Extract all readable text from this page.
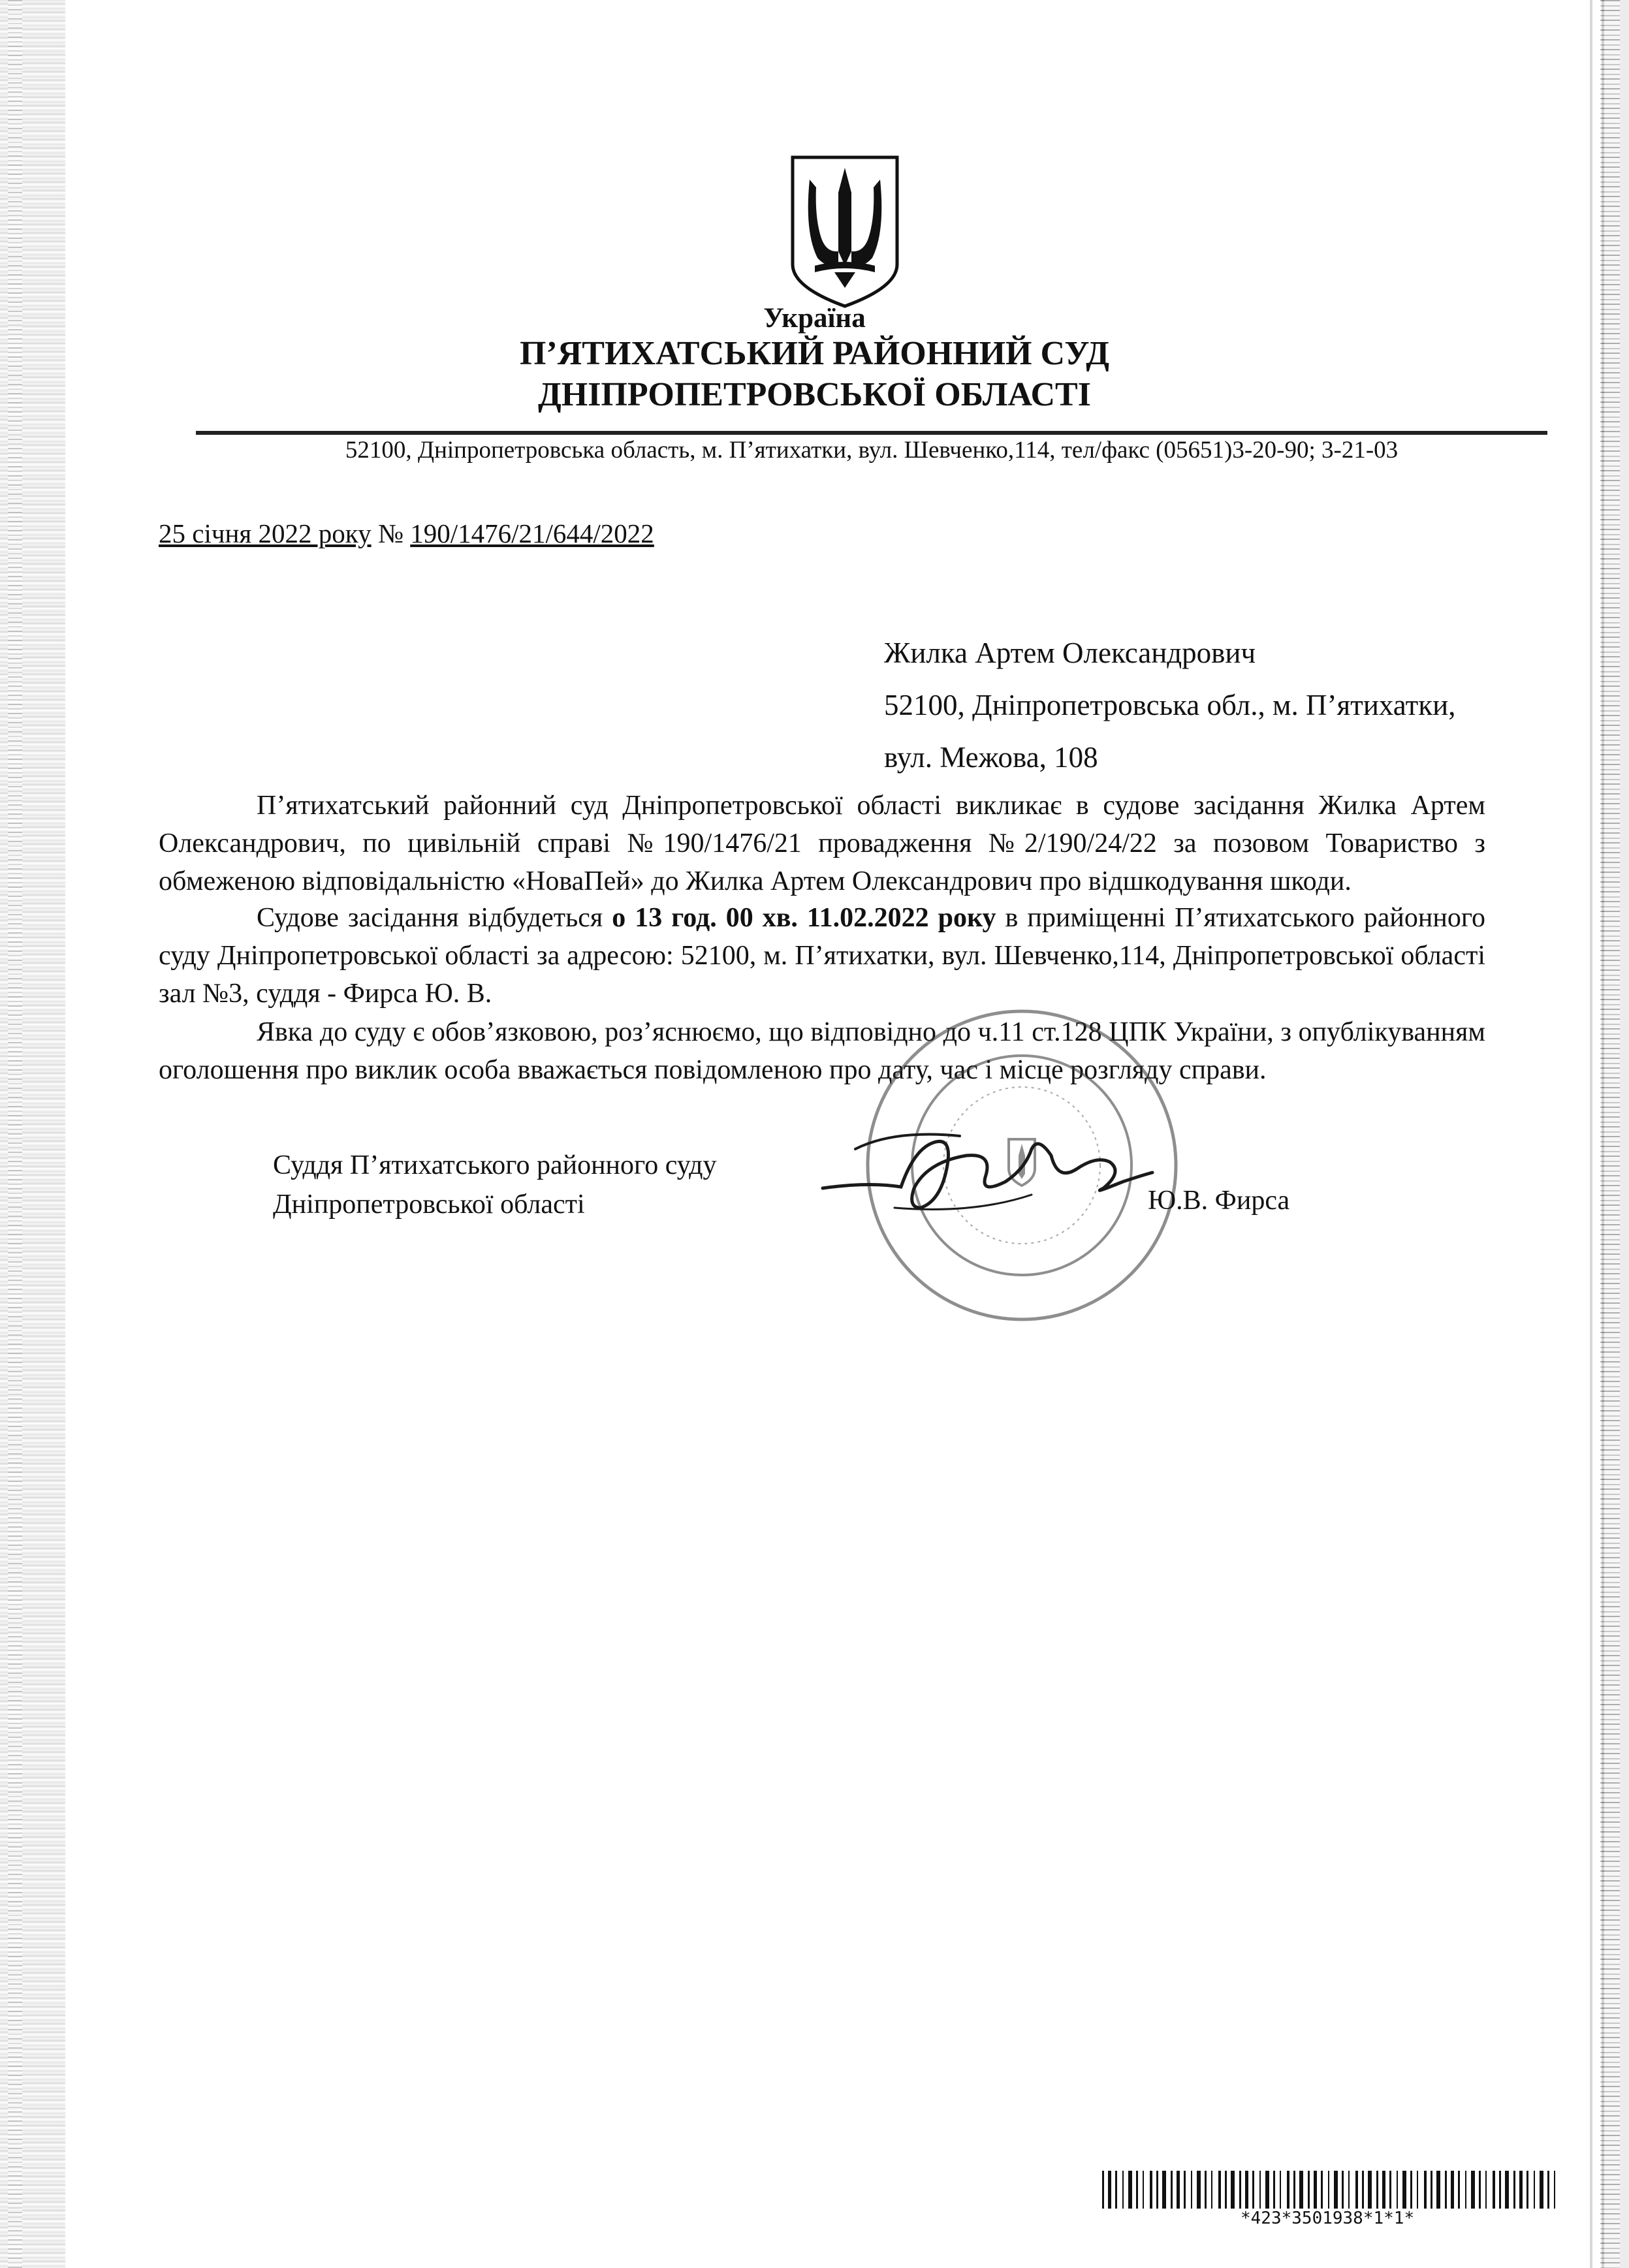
Україна
П’ЯТИХАТСЬКИЙ РАЙОННИЙ СУД
ДНІПРОПЕТРОВСЬКОЇ ОБЛАСТІ
52100, Дніпропетровська область, м. П’ятихатки, вул. Шевченко,114, тел/факс (05651)3-20-90; 3-21-03
25 січня 2022 року № 190/1476/21/644/2022
Жилка Артем Олександрович
52100, Дніпропетровська обл., м. П’ятихатки,
вул. Межова, 108

П’ятихатський районний суд Дніпропетровської області викликає в судове засідання Жилка Артем Олександрович, по цивільній справі №190/1476/21 провадження №2/190/24/22 за позовом Товариство з обмеженою відповідальністю «НоваПей» до Жилка Артем Олександрович про відшкодування шкоди.

Судове засідання відбудеться о 13 год. 00 хв. 11.02.2022 року в приміщенні П’ятихатського районного суду Дніпропетровської області за адресою: 52100, м. П’ятихатки, вул. Шевченко,114, Дніпропетровської області зал №3, суддя - Фирса Ю. В.

Явка до суду є обов’язковою, роз’яснюємо, що відповідно до ч.11 ст.128 ЦПК України, з опублікуванням оголошення про виклик особа вважається повідомленою про дату, час і місце розгляду справи.

Суддя П’ятихатського районного суду
Дніпропетровської області	Ю.В. Фирса
*423*3501938*1*1*
